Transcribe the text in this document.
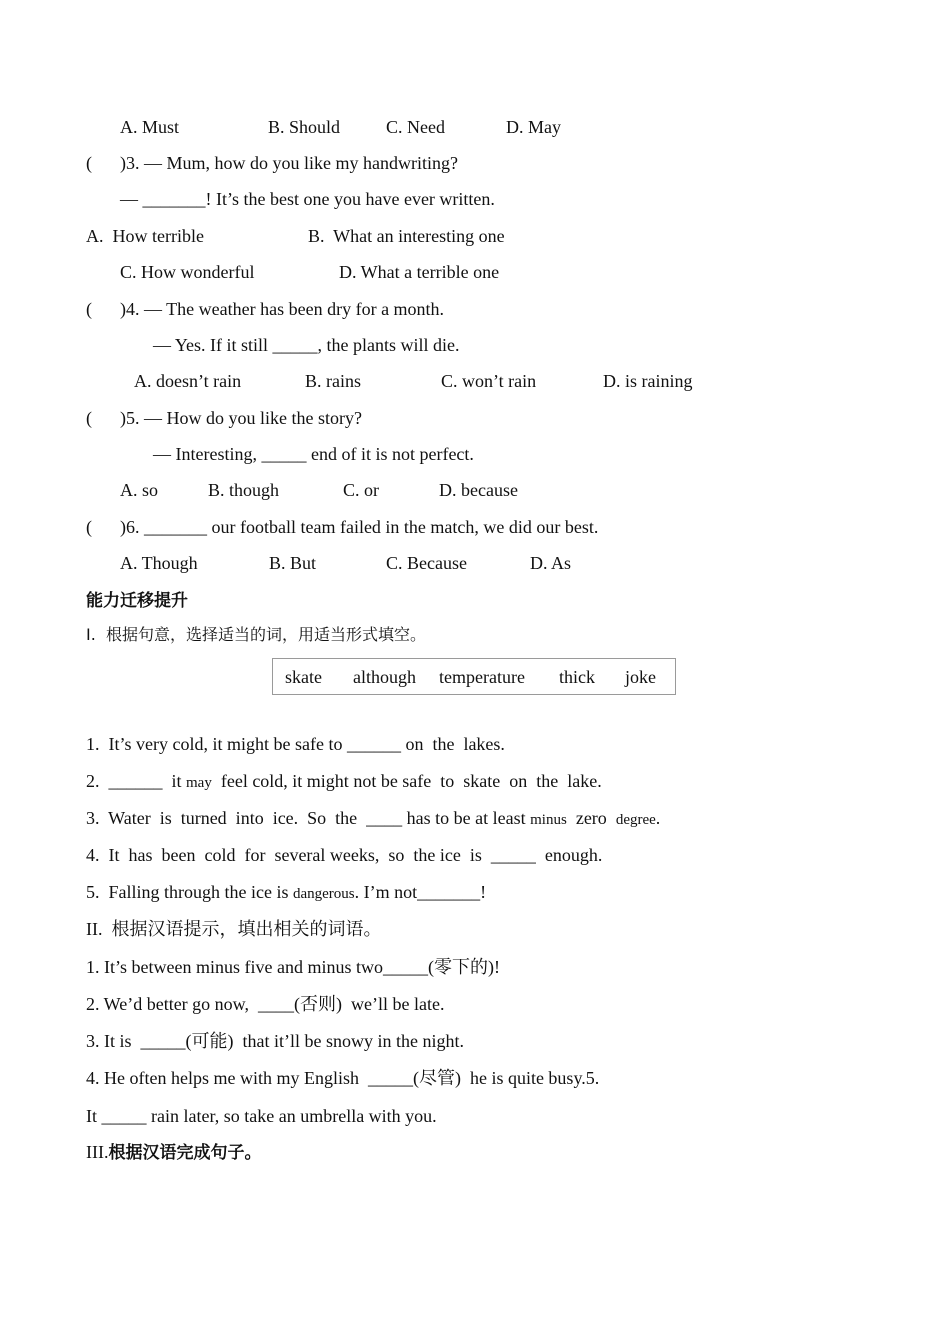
A. Must	B. Should	C. Need	D. May
( )3. — Mum, how do you like my handwriting?
— _______! It’s the best one you have ever written.
A.  How terrible	B.  What an interesting one
C. How wonderful	D. What a terrible one
( )4. — The weather has been dry for a month.
— Yes. If it still _____, the plants will die.
A. doesn’t rain	B. rains	C. won’t rain	D. is raining
( )5. — How do you like the story?
— Interesting, _____ end of it is not perfect.
A. so	B. though	C. or	D. because
( )6. _______ our football team failed in the match, we did our best.
A. Though	B. But	C. Because	D. As
能力迁移提升
I.  根据句意，选择适当的词，用适当形式填空。
skate although temperature thick joke
1.  It’s very cold, it might be safe to ______ on  the  lakes.
2.  ______  it may  feel cold, it might not be safe  to  skate  on  the  lake.
3.  Water  is  turned  into  ice.  So  the  ____ has to be at least minus  zero  degree.
4.  It  has  been  cold  for  several weeks,  so  the ice  is  _____  enough.
5.  Falling through the ice is dangerous. I’m not_______!
II.  根据汉语提示，填出相关的词语。
1. It’s between minus five and minus two_____(零下的)!
2. We’d better go now,  ____(否则)  we’ll be late.
3. It is  _____(可能)  that it’ll be snowy in the night.
4. He often helps me with my English  _____(尽管)  he is quite busy.5.
It _____ rain later, so take an umbrella with you.
III.根据汉语完成句子。
